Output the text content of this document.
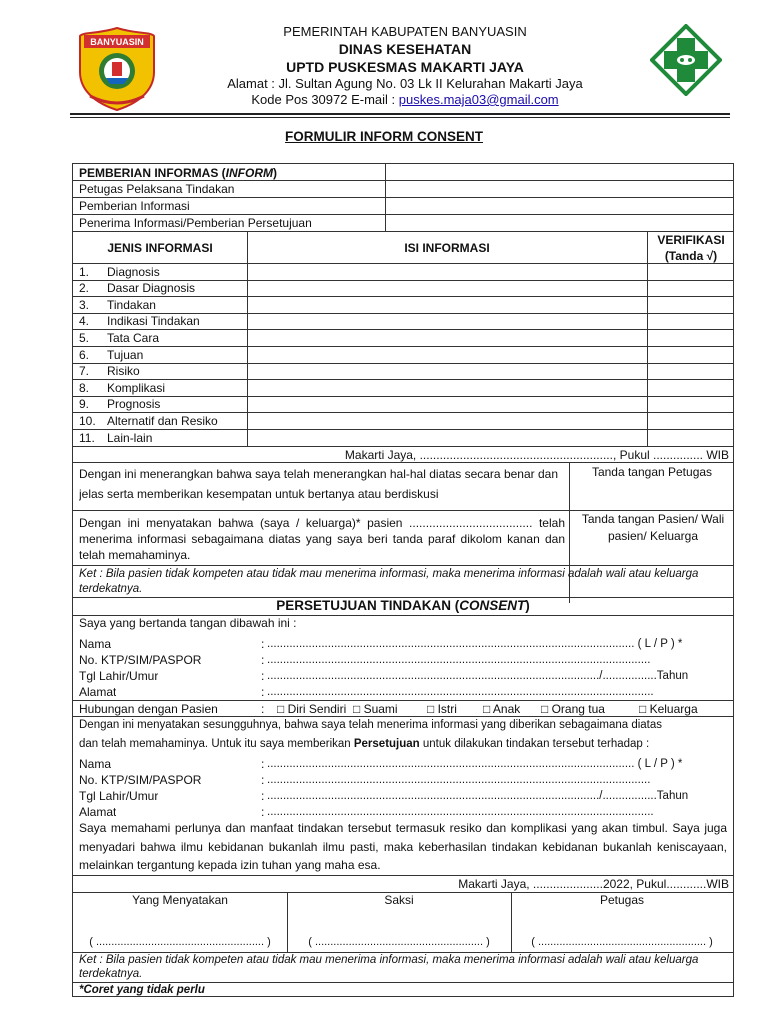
BANYUASIN
PEMERINTAH KABUPATEN BANYUASIN
DINAS KESEHATAN
UPTD PUSKESMAS MAKARTI JAYA
Alamat : Jl. Sultan Agung No. 03 Lk II Kelurahan Makarti Jaya
Kode Pos 30972 E-mail : puskes.maja03@gmail.com
FORMULIR INFORM CONSENT
PEMBERIAN INFORMAS (INFORM)
Petugas Pelaksana Tindakan
Pemberian Informasi
Penerima Informasi/Pemberian Persetujuan
JENIS INFORMASI	ISI INFORMASI
VERIFIKASI
(Tanda √)
1.	Diagnosis
2.	Dasar Diagnosis
3.	Tindakan
4.	Indikasi Tindakan
5.	Tata Cara
6.	Tujuan
7.	Risiko
8.	Komplikasi
9.	Prognosis
10. Alternatif dan Resiko
11.	Lain-lain
Makarti Jaya, .........................................................., Pukul ............... WIB
Dengan ini menerangkan bahwa saya telah menerangkan hal-hal diatas secara benar dan jelas serta memberikan kesempatan untuk bertanya atau berdiskusi
Tanda tangan Petugas
Dengan ini menyatakan bahwa (saya / keluarga)* pasien ..................................... telah menerima informasi sebagaimana diatas yang saya beri tanda paraf dikolom kanan dan telah memahaminya.
Tanda tangan Pasien/ Wali pasien/ Keluarga
Ket : Bila pasien tidak kompeten atau tidak mau menerima informasi, maka menerima informasi adalah wali atau keluarga terdekatnya.
PERSETUJUAN TINDAKAN (CONSENT)
Saya yang bertanda tangan dibawah ini :
Nama	: ................................................................................................................... ( L / P ) *
No. KTP/SIM/PASPOR	: ........................................................................................................................
Tgl Lahir/Umur	: ......................................................................................................../.................Tahun
Alamat	: .........................................................................................................................
Hubungan dengan Pasien	: □ Diri Sendiri □ Suami □ Istri □ Anak □ Orang tua	□ Keluarga
Dengan ini menyatakan sesungguhnya, bahwa saya telah menerima informasi yang diberikan sebagaimana diatas
dan telah memahaminya. Untuk itu saya memberikan Persetujuan untuk dilakukan tindakan tersebut terhadap :
Nama	: ................................................................................................................... ( L / P ) *
No. KTP/SIM/PASPOR	: ........................................................................................................................
Tgl Lahir/Umur	: ......................................................................................................../.................Tahun
Alamat	: .........................................................................................................................
Saya memahami perlunya dan manfaat tindakan tersebut termasuk resiko dan komplikasi yang akan timbul. Saya juga menyadari bahwa ilmu kebidanan bukanlah ilmu pasti, maka keberhasilan tindakan kebidanan bukanlah keniscayaan, melainkan tergantung kepada izin tuhan yang maha esa.
Makarti Jaya, .....................2022, Pukul............WIB
Yang Menyatakan	Saksi	Petugas
( ....................................................... )	( ....................................................... )	( ....................................................... )
Ket : Bila pasien tidak kompeten atau tidak mau menerima informasi, maka menerima informasi adalah wali atau keluarga terdekatnya.
*Coret yang tidak perlu
